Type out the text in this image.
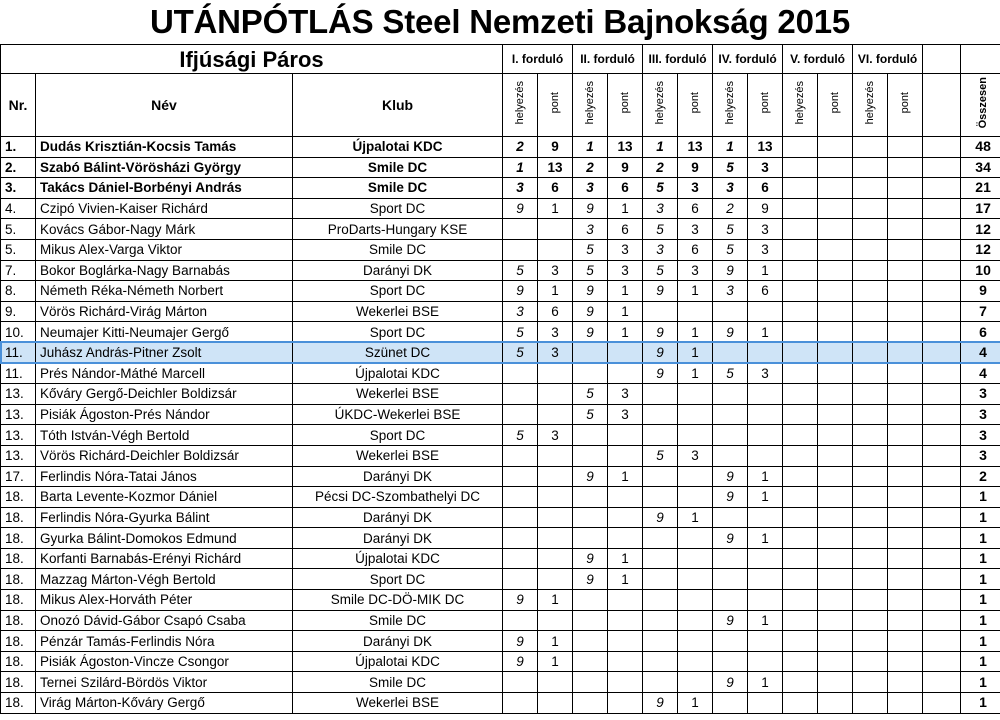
UTÁNPÓTLÁS Steel Nemzeti Bajnokság 2015
Ifjúsági Páros			I. forduló		II. forduló		III. forduló		IV. forduló		V. forduló		VI. forduló			
Nr.	Név	Klub	helyezés	pont	helyezés	pont	helyezés	pont	helyezés	pont	helyezés	pont	helyezés	pont		Összesen
1.	Dudás Krisztián-Kocsis Tamás	Újpalotai KDC	2	9	1	13	1	13	1	13						48
2.	Szabó Bálint-Vörösházi György	Smile DC	1	13	2	9	2	9	5	3						34
3.	Takács Dániel-Borbényi András	Smile DC	3	6	3	6	5	3	3	6						21
4.	Czipó Vivien-Kaiser Richárd	Sport DC	9	1	9	1	3	6	2	9						17
5.	Kovács Gábor-Nagy Márk	ProDarts-Hungary KSE			3	6	5	3	5	3						12
5.	Mikus Alex-Varga Viktor	Smile DC			5	3	3	6	5	3						12
7.	Bokor Boglárka-Nagy Barnabás	Darányi DK	5	3	5	3	5	3	9	1						10
8.	Németh Réka-Németh Norbert	Sport DC	9	1	9	1	9	1	3	6						9
9.	Vörös Richárd-Virág Márton	Wekerlei BSE	3	6	9	1										7
10.	Neumajer Kitti-Neumajer Gergő	Sport DC	5	3	9	1	9	1	9	1						6
11.	Juhász András-Pitner Zsolt	Szünet DC	5	3			9	1								4
11.	Prés Nándor-Máthé Marcell	Újpalotai KDC					9	1	5	3						4
13.	Kőváry Gergő-Deichler Boldizsár	Wekerlei BSE			5	3										3
13.	Pisiák Ágoston-Prés Nándor	ÚKDC-Wekerlei BSE			5	3										3
13.	Tóth István-Végh Bertold	Sport DC	5	3												3
13.	Vörös Richárd-Deichler Boldizsár	Wekerlei BSE					5	3								3
17.	Ferlindis Nóra-Tatai János	Darányi DK			9	1			9	1						2
18.	Barta Levente-Kozmor Dániel	Pécsi DC-Szombathelyi DC							9	1						1
18.	Ferlindis Nóra-Gyurka Bálint	Darányi DK					9	1								1
18.	Gyurka Bálint-Domokos Edmund	Darányi DK							9	1						1
18.	Korfanti Barnabás-Erényi Richárd	Újpalotai KDC			9	1										1
18.	Mazzag Márton-Végh Bertold	Sport DC			9	1										1
18.	Mikus Alex-Horváth Péter	Smile DC-DÖ-MIK DC	9	1												1
18.	Onozó Dávid-Gábor Csapó Csaba	Smile DC							9	1						1
18.	Pénzár Tamás-Ferlindis Nóra	Darányi DK	9	1												1
18.	Pisiák Ágoston-Vincze Csongor	Újpalotai KDC	9	1												1
18.	Ternei Szilárd-Bördös Viktor	Smile DC							9	1						1
18.	Virág Márton-Kőváry Gergő	Wekerlei BSE					9	1								1
